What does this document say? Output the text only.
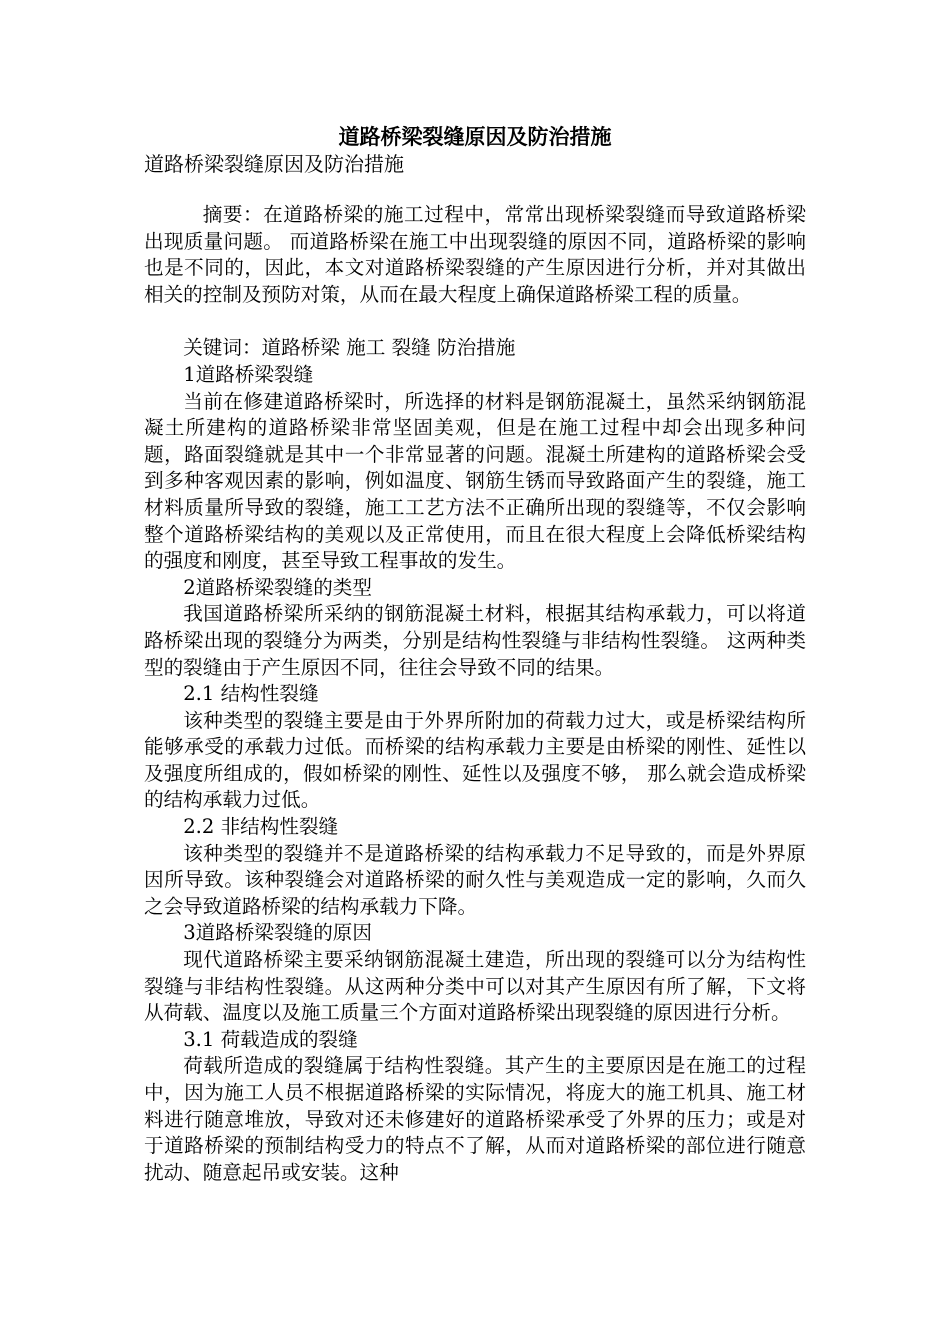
道路桥梁裂缝原因及防治措施
道路桥梁裂缝原因及防治措施

摘要：在道路桥梁的施工过程中，常常出现桥梁裂缝而导致道路桥梁出现质量问题。 而道路桥梁在施工中出现裂缝的原因不同，道路桥梁的影响也是不同的，因此，本文对道路桥梁裂缝的产生原因进行分析，并对其做出相关的控制及预防对策，从而在最大程度上确保道路桥梁工程的质量。

关键词：道路桥梁 施工 裂缝 防治措施

1道路桥梁裂缝

当前在修建道路桥梁时，所选择的材料是钢筋混凝土，虽然采纳钢筋混凝土所建构的道路桥梁非常坚固美观，但是在施工过程中却会出现多种问题，路面裂缝就是其中一个非常显著的问题。混凝土所建构的道路桥梁会受到多种客观因素的影响，例如温度、钢筋生锈而导致路面产生的裂缝，施工材料质量所导致的裂缝，施工工艺方法不正确所出现的裂缝等，不仅会影响整个道路桥梁结构的美观以及正常使用，而且在很大程度上会降低桥梁结构的强度和刚度，甚至导致工程事故的发生。

2道路桥梁裂缝的类型

我国道路桥梁所采纳的钢筋混凝土材料，根据其结构承载力，可以将道路桥梁出现的裂缝分为两类，分别是结构性裂缝与非结构性裂缝。 这两种类型的裂缝由于产生原因不同，往往会导致不同的结果。

2.1 结构性裂缝

该种类型的裂缝主要是由于外界所附加的荷载力过大，或是桥梁结构所能够承受的承载力过低。而桥梁的结构承载力主要是由桥梁的刚性、延性以及强度所组成的，假如桥梁的刚性、延性以及强度不够， 那么就会造成桥梁的结构承载力过低。

2.2 非结构性裂缝

该种类型的裂缝并不是道路桥梁的结构承载力不足导致的，而是外界原因所导致。该种裂缝会对道路桥梁的耐久性与美观造成一定的影响，久而久之会导致道路桥梁的结构承载力下降。

3道路桥梁裂缝的原因

现代道路桥梁主要采纳钢筋混凝土建造，所出现的裂缝可以分为结构性裂缝与非结构性裂缝。从这两种分类中可以对其产生原因有所了解，下文将从荷载、温度以及施工质量三个方面对道路桥梁出现裂缝的原因进行分析。

3.1 荷载造成的裂缝

荷载所造成的裂缝属于结构性裂缝。其产生的主要原因是在施工的过程中，因为施工人员不根据道路桥梁的实际情况，将庞大的施工机具、施工材料进行随意堆放，导致对还未修建好的道路桥梁承受了外界的压力；或是对于道路桥梁的预制结构受力的特点不了解，从而对道路桥梁的部位进行随意扰动、随意起吊或安装。这种
